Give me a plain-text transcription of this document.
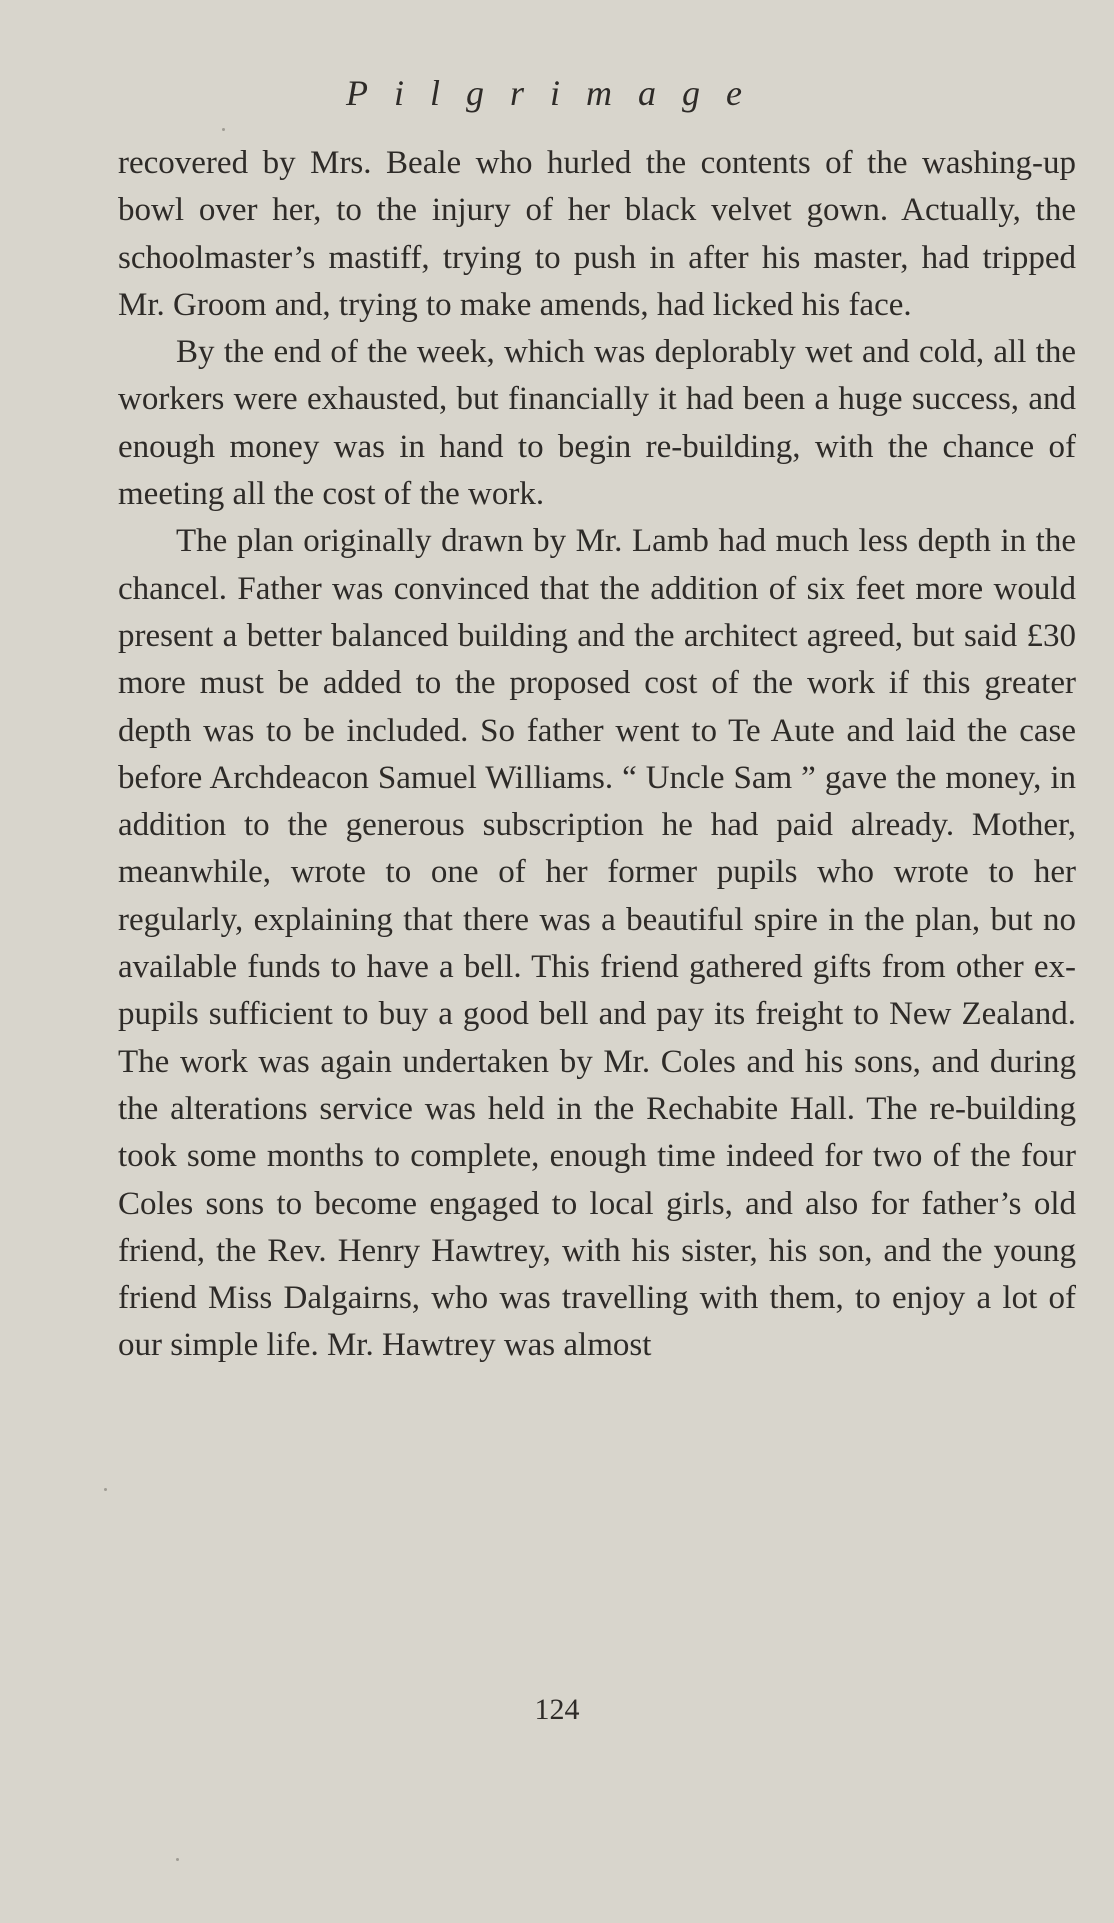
Pilgrimage

recovered by Mrs. Beale who hurled the contents of the washing-up bowl over her, to the injury of her black velvet gown. Actually, the schoolmaster’s mastiff, trying to push in after his master, had tripped Mr. Groom and, trying to make amends, had licked his face.

By the end of the week, which was deplorably wet and cold, all the workers were exhausted, but financially it had been a huge success, and enough money was in hand to begin re-building, with the chance of meeting all the cost of the work.

The plan originally drawn by Mr. Lamb had much less depth in the chancel. Father was convinced that the addition of six feet more would present a better balanced building and the architect agreed, but said £30 more must be added to the proposed cost of the work if this greater depth was to be included. So father went to Te Aute and laid the case before Archdeacon Samuel Williams. “ Uncle Sam ” gave the money, in addition to the generous subscription he had paid already. Mother, meanwhile, wrote to one of her former pupils who wrote to her regularly, explaining that there was a beautiful spire in the plan, but no available funds to have a bell. This friend gathered gifts from other ex-pupils sufficient to buy a good bell and pay its freight to New Zealand. The work was again undertaken by Mr. Coles and his sons, and during the alterations service was held in the Rechabite Hall. The re-building took some months to complete, enough time indeed for two of the four Coles sons to become engaged to local girls, and also for father’s old friend, the Rev. Henry Hawtrey, with his sister, his son, and the young friend Miss Dalgairns, who was travelling with them, to enjoy a lot of our simple life. Mr. Hawtrey was almost

124
